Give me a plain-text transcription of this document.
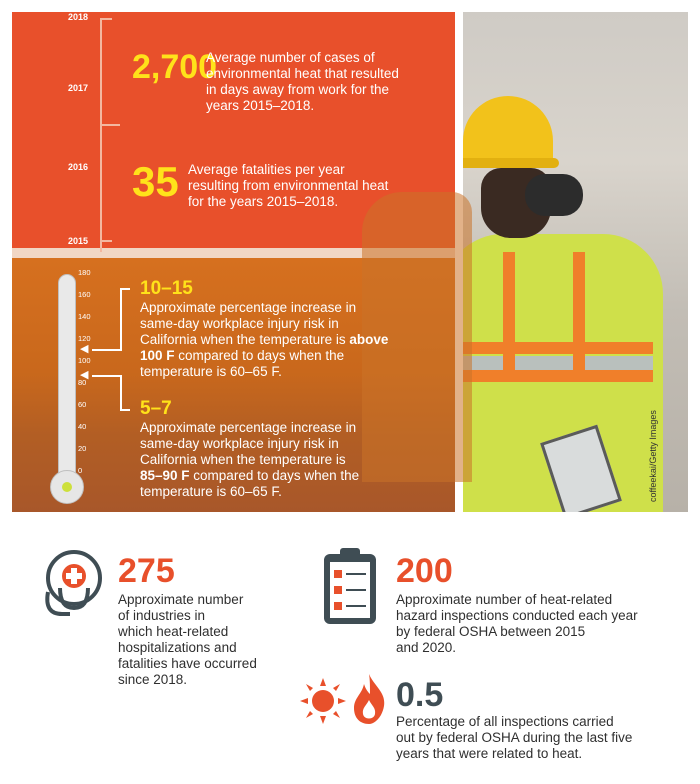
2018
2017
2016
2015
2,700
Average number of cases of
environmental heat that resulted
in days away from work for the
years 2015–2018.
35 Average fatalities per year
resulting from environmental heat
for the years 2015–2018.
180
160
140
120
100
80
60
40
20
0
◀
◀
10–15
Approximate percentage increase in
same-day workplace injury risk in
California when the temperature is above
100 F compared to days when the
temperature is 60–65 F.
5–7
Approximate percentage increase in
same-day workplace injury risk in
California when the temperature is
85–90 F compared to days when the
temperature is 60–65 F.	coffeekai/Getty Images
275
Approximate number
of industries in
which heat-related
hospitalizations and
fatalities have occurred
since 2018.
200
Approximate number of heat-related
hazard inspections conducted each year
by federal OSHA between 2015
and 2020.
0.5
Percentage of all inspections carried
out by federal OSHA during the last five
years that were related to heat.
